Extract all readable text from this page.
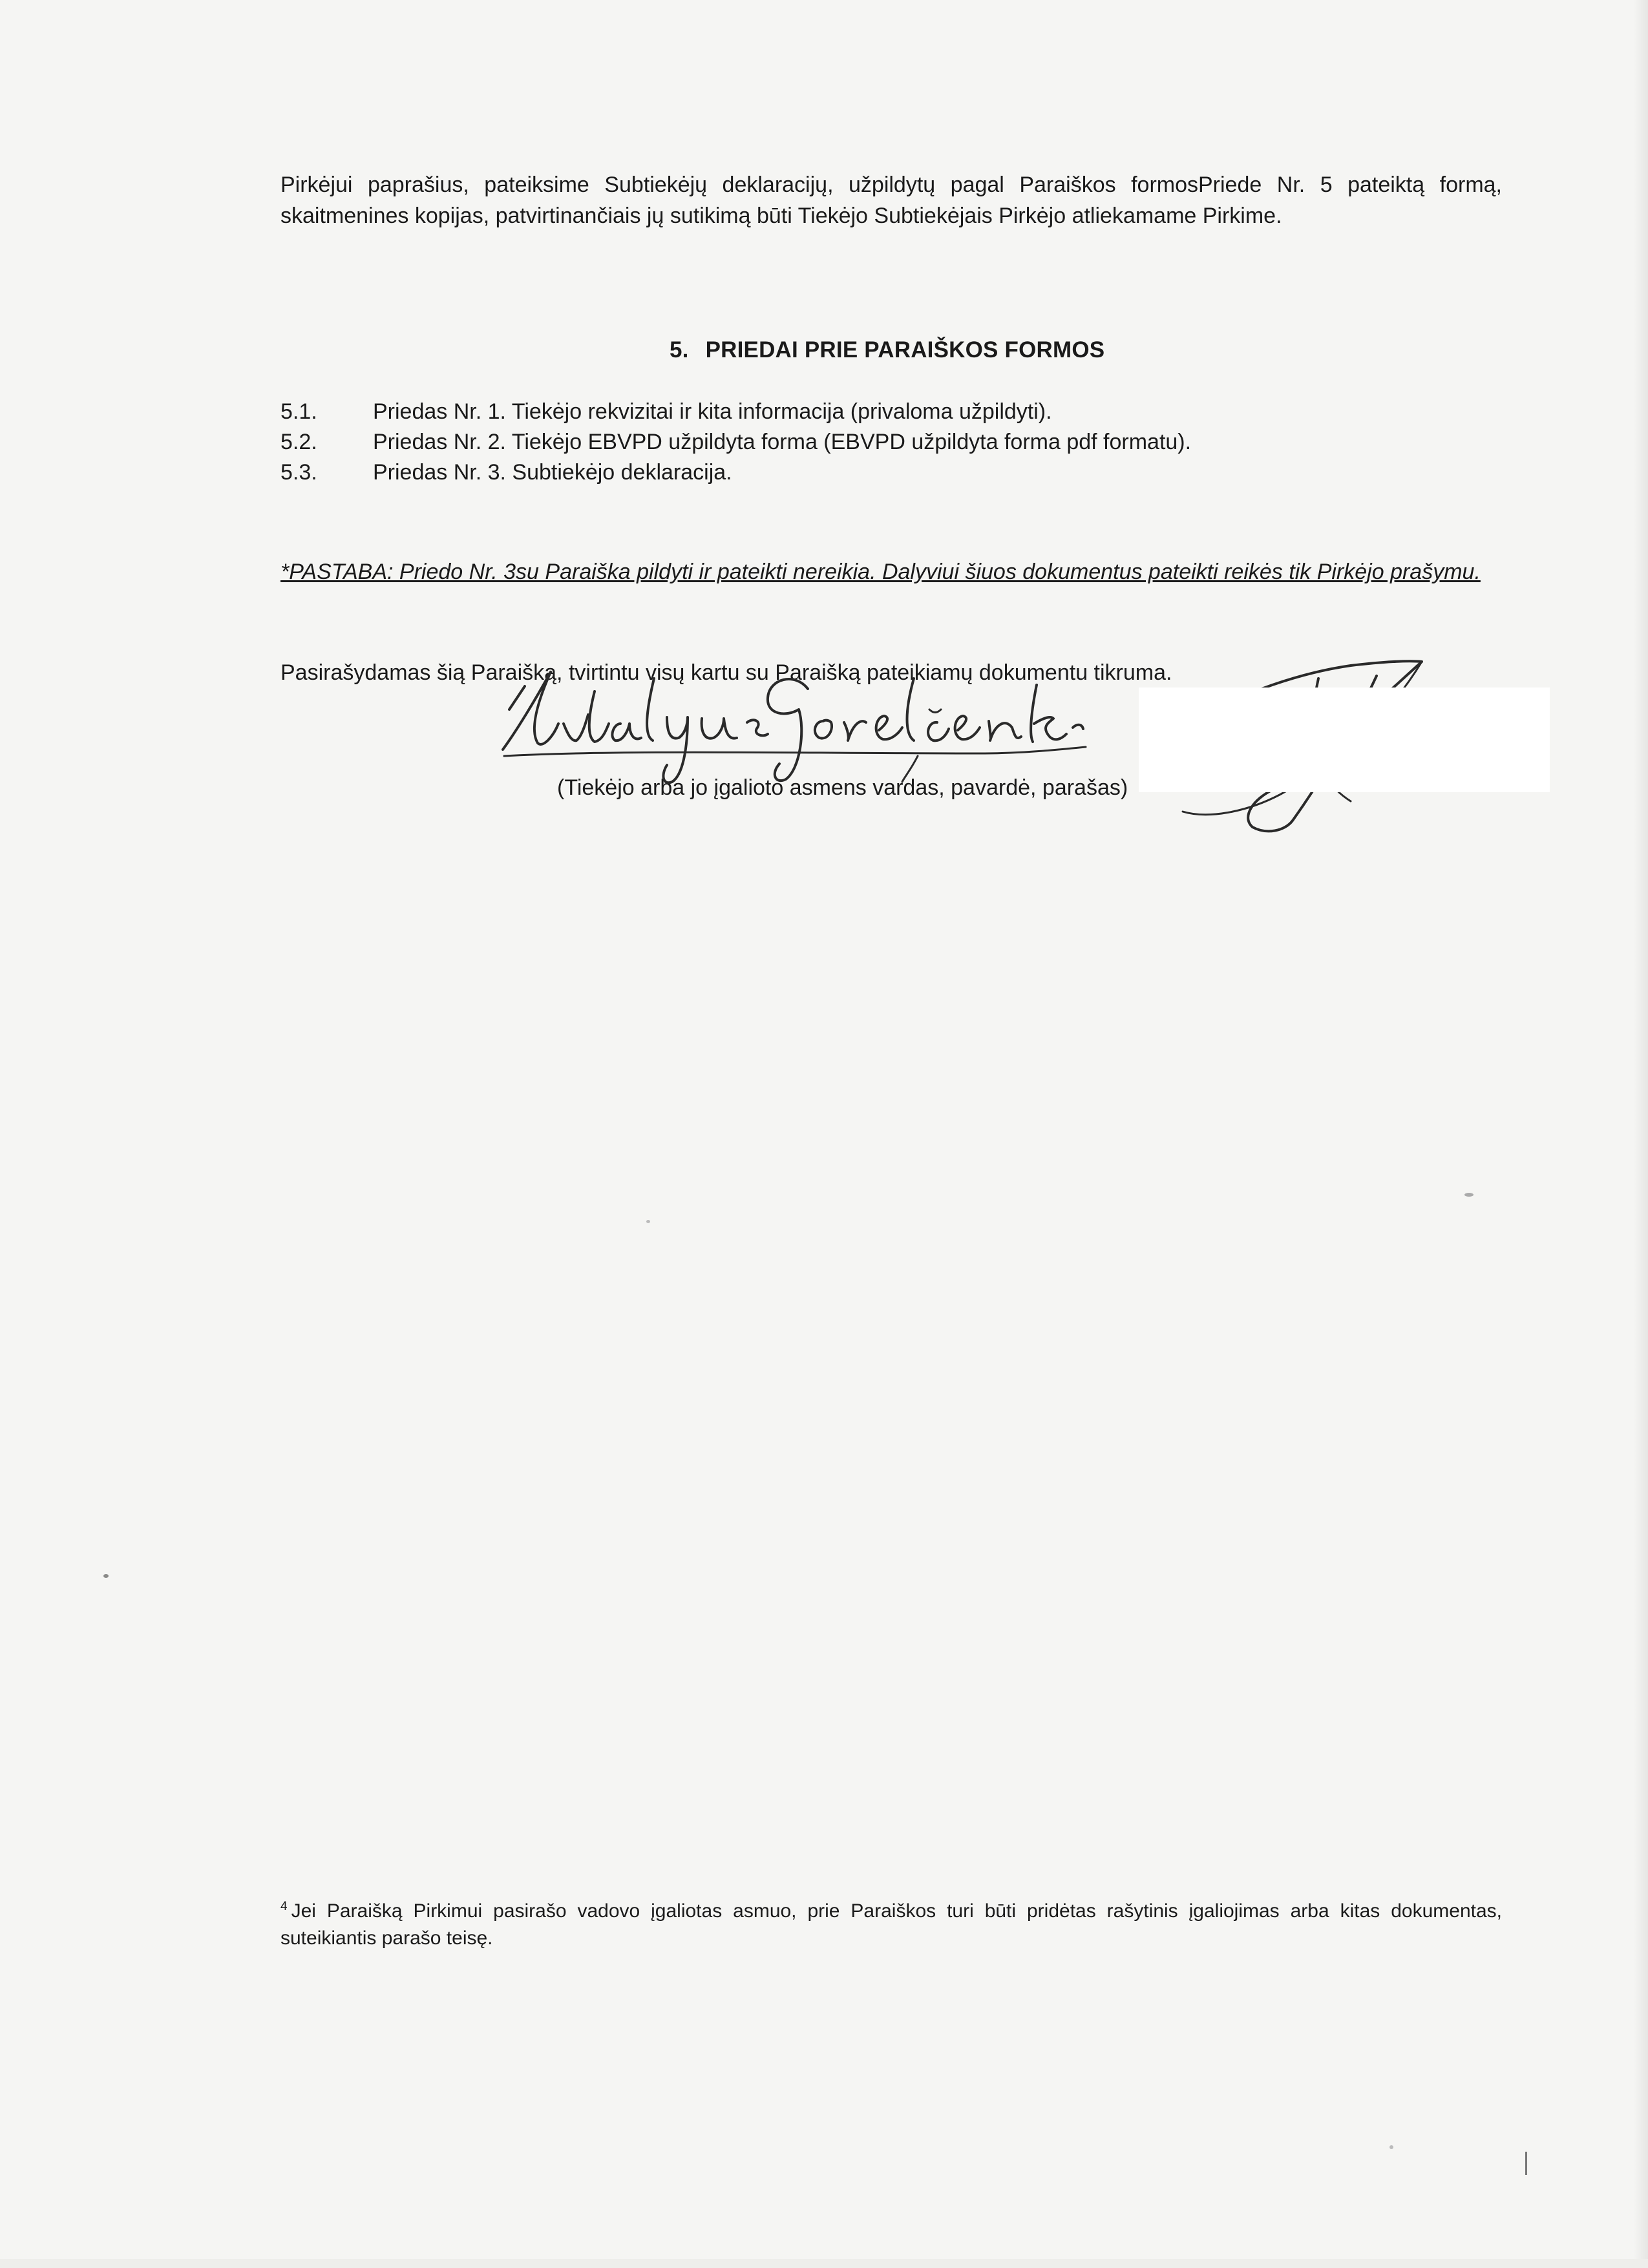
Pirkėjui paprašius, pateiksime Subtiekėjų deklaracijų, užpildytų pagal Paraiškos formosPriede Nr. 5 pateiktą formą, skaitmenines kopijas, patvirtinančiais jų sutikimą būti Tiekėjo Subtiekėjais Pirkėjo atliekamame Pirkime.

5. PRIEDAI PRIE PARAIŠKOS FORMOS
5.1.	Priedas Nr. 1. Tiekėjo rekvizitai ir kita informacija (privaloma užpildyti).
5.2.	Priedas Nr. 2. Tiekėjo EBVPD užpildyta forma (EBVPD užpildyta forma pdf formatu).
5.3.	Priedas Nr. 3. Subtiekėjo deklaracija.

*PASTABA: Priedo Nr. 3su Paraiška pildyti ir pateikti nereikia. Dalyviui šiuos dokumentus pateikti reikės tik Pirkėjo prašymu.

Pasirašydamas šią Paraišką, tvirtintu visų kartu su Paraišką pateikiamų dokumentu tikruma.
(Tiekėjo arba jo įgalioto asmens vardas, pavardė, parašas)
$^4$ Jei Paraišką Pirkimui pasirašo vadovo įgaliotas asmuo, prie Paraiškos turi būti pridėtas rašytinis įgaliojimas arba kitas dokumentas, suteikiantis parašo teisę.
